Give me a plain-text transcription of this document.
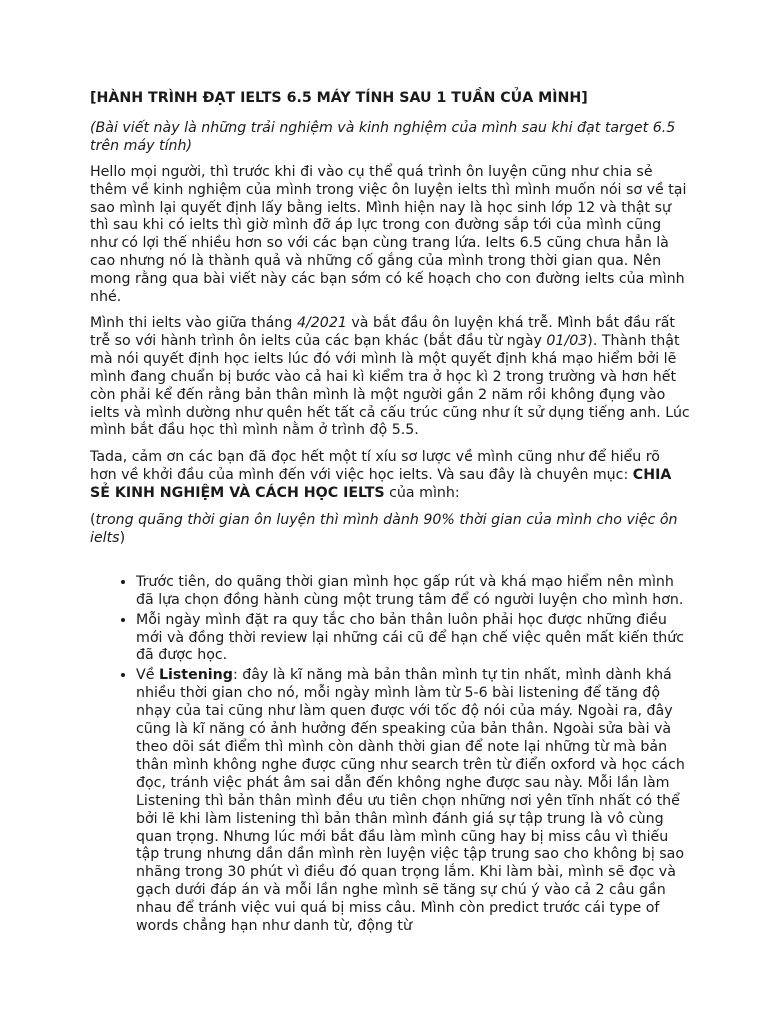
[HÀNH TRÌNH ĐẠT IELTS 6.5 MÁY TÍNH SAU 1 TUẦN CỦA MÌNH]

(Bài viết này là những trải nghiệm và kinh nghiệm của mình sau khi đạt target 6.5 trên máy tính)

Hello mọi người, thì trước khi đi vào cụ thể quá trình ôn luyện cũng như chia sẻ thêm về kinh nghiệm của mình trong việc ôn luyện ielts thì mình muốn nói sơ về tại sao mình lại quyết định lấy bằng ielts. Mình hiện nay là học sinh lớp 12 và thật sự thì sau khi có ielts thì giờ mình đỡ áp lực trong con đường sắp tới của mình cũng như có lợi thế nhiều hơn so với các bạn cùng trang lứa. Ielts 6.5 cũng chưa hẳn là cao nhưng nó là thành quả và những cố gắng của mình trong thời gian qua. Nên mong rằng qua bài viết này các bạn sớm có kế hoạch cho con đường ielts của mình nhé.

Mình thi ielts vào giữa tháng 4/2021 và bắt đầu ôn luyện khá trễ. Mình bắt đầu rất trễ so với hành trình ôn ielts của các bạn khác (bắt đầu từ ngày 01/03). Thành thật mà nói quyết định học ielts lúc đó với mình là một quyết định khá mạo hiểm bởi lẽ mình đang chuẩn bị bước vào cả hai kì kiểm tra ở học kì 2 trong trường và hơn hết còn phải kể đến rằng bản thân mình là một người gần 2 năm rồi không đụng vào ielts và mình dường như quên hết tất cả cấu trúc cũng như ít sử dụng tiếng anh. Lúc mình bắt đầu học thì mình nằm ở trình độ 5.5.

Tada, cảm ơn các bạn đã đọc hết một tí xíu sơ lược về mình cũng như để hiểu rõ hơn về khởi đầu của mình đến với việc học ielts. Và sau đây là chuyên mục: CHIA SẺ KINH NGHIỆM VÀ CÁCH HỌC IELTS của mình:

(trong quãng thời gian ôn luyện thì mình dành 90% thời gian của mình cho việc ôn ielts)

• Trước tiên, do quãng thời gian mình học gấp rút và khá mạo hiểm nên mình đã lựa chọn đồng hành cùng một trung tâm để có người luyện cho mình hơn.
• Mỗi ngày mình đặt ra quy tắc cho bản thân luôn phải học được những điều mới và đồng thời review lại những cái cũ để hạn chế việc quên mất kiến thức đã được học.
• Về Listening: đây là kĩ năng mà bản thân mình tự tin nhất, mình dành khá nhiều thời gian cho nó, mỗi ngày mình làm từ 5-6 bài listening để tăng độ nhạy của tai cũng như làm quen được với tốc độ nói của máy. Ngoài ra, đây cũng là kĩ năng có ảnh hưởng đến speaking của bản thân. Ngoài sửa bài và theo dõi sát điểm thì mình còn dành thời gian để note lại những từ mà bản thân mình không nghe được cũng như search trên từ điển oxford và học cách đọc, tránh việc phát âm sai dẫn đến không nghe được sau này. Mỗi lần làm Listening thì bản thân mình đều ưu tiên chọn những nơi yên tĩnh nhất có thể bởi lẽ khi làm listening thì bản thân mình đánh giá sự tập trung là vô cùng quan trọng. Nhưng lúc mới bắt đầu làm mình cũng hay bị miss câu vì thiếu tập trung nhưng dần dần mình rèn luyện việc tập trung sao cho không bị sao nhãng trong 30 phút vì điều đó quan trọng lắm. Khi làm bài, mình sẽ đọc và gạch dưới đáp án và mỗi lần nghe mình sẽ tăng sự chú ý vào cả 2 câu gần nhau để tránh việc vui quá bị miss câu. Mình còn predict trước cái type of words chẳng hạn như danh từ, động từ
